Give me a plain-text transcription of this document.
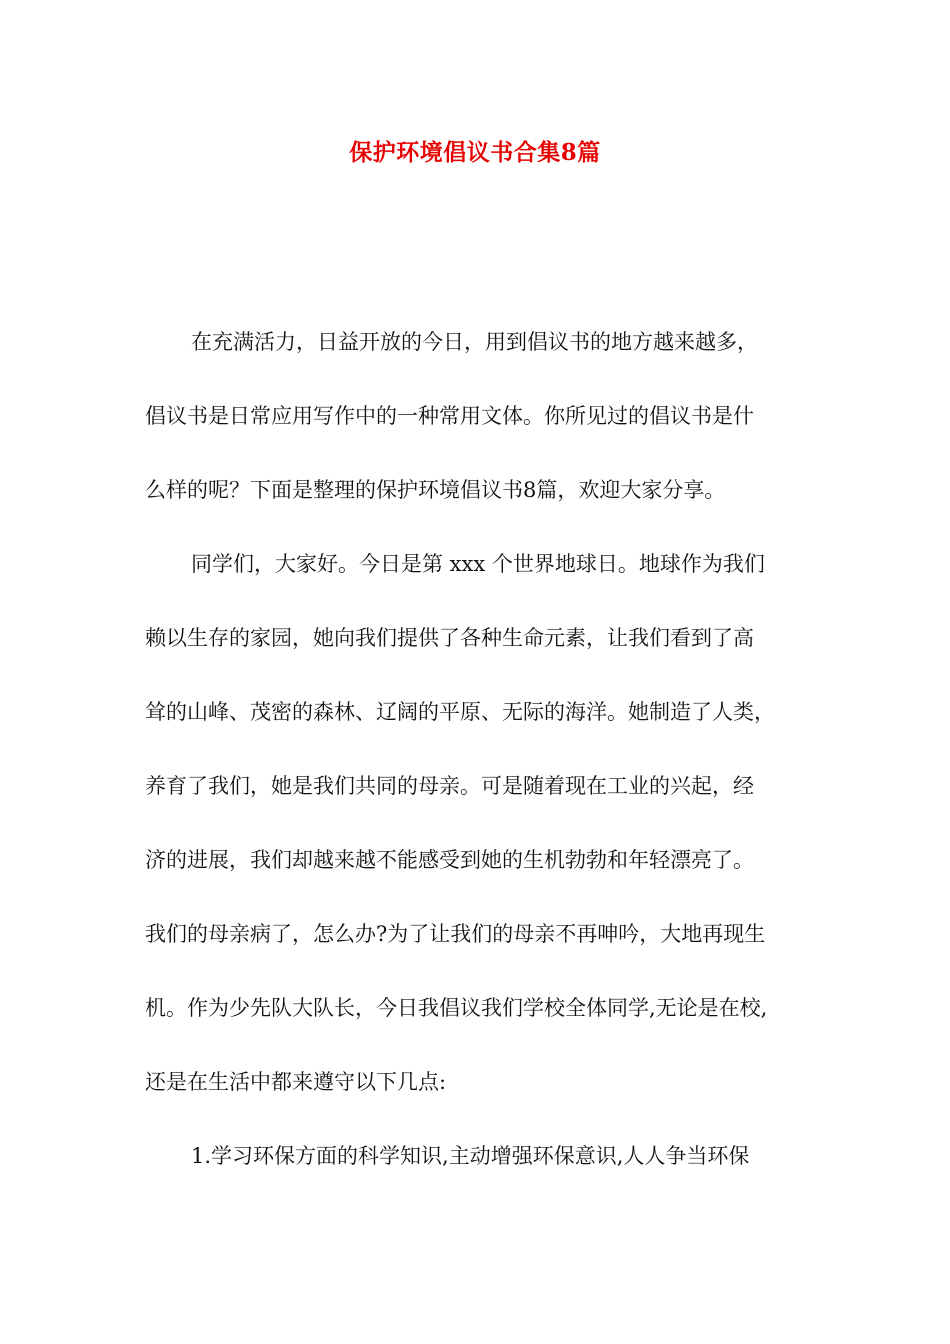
保护环境倡议书合集8篇
在充满活力，日益开放的今日，用到倡议书的地方越来越多，
倡议书是日常应用写作中的一种常用文体。你所见过的倡议书是什
么样的呢？下面是整理的保护环境倡议书8篇，欢迎大家分享。
同学们，大家好。今日是第 xxx 个世界地球日。地球作为我们
赖以生存的家园，她向我们提供了各种生命元素，让我们看到了高
耸的山峰、茂密的森林、辽阔的平原、无际的海洋。她制造了人类，
养育了我们，她是我们共同的母亲。可是随着现在工业的兴起，经
济的进展，我们却越来越不能感受到她的生机勃勃和年轻漂亮了。
我们的母亲病了，怎么办?为了让我们的母亲不再呻吟，大地再现生
机。作为少先队大队长，今日我倡议我们学校全体同学,无论是在校,
还是在生活中都来遵守以下几点:
1.学习环保方面的科学知识,主动增强环保意识,人人争当环保
